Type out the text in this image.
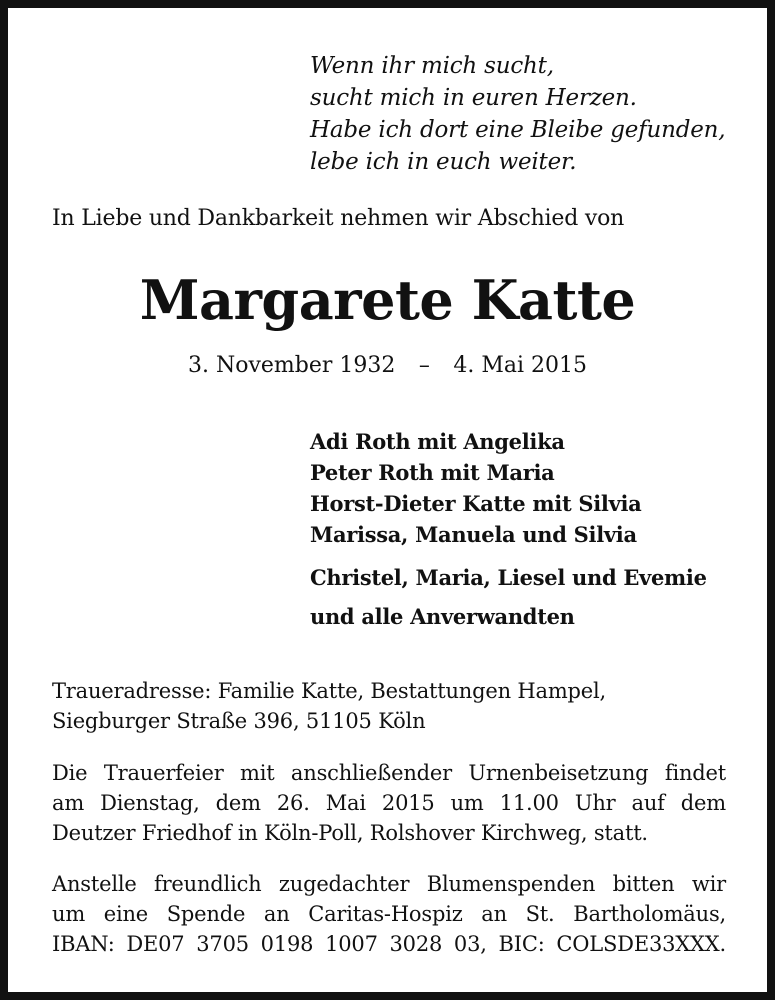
Wenn ihr mich sucht,
sucht mich in euren Herzen.
Habe ich dort eine Bleibe gefunden,
lebe ich in euch weiter.
In Liebe und Dankbarkeit nehmen wir Abschied von
Margarete Katte
3. November 1932 – 4. Mai 2015
Adi Roth mit Angelika
Peter Roth mit Maria
Horst-Dieter Katte mit Silvia
Marissa, Manuela und Silvia
Christel, Maria, Liesel und Evemie
und alle Anverwandten
Traueradresse: Familie Katte, Bestattungen Hampel,
Siegburger Straße 396, 51105 Köln
Die Trauerfeier mit anschließender Urnenbeisetzung findet
am Dienstag, dem 26. Mai 2015 um 11.00 Uhr auf dem
Deutzer Friedhof in Köln-Poll, Rolshover Kirchweg, statt.
Anstelle freundlich zugedachter Blumenspenden bitten wir
um eine Spende an Caritas-Hospiz an St. Bartholomäus,
IBAN: DE07 3705 0198 1007 3028 03, BIC: COLSDE33XXX.
